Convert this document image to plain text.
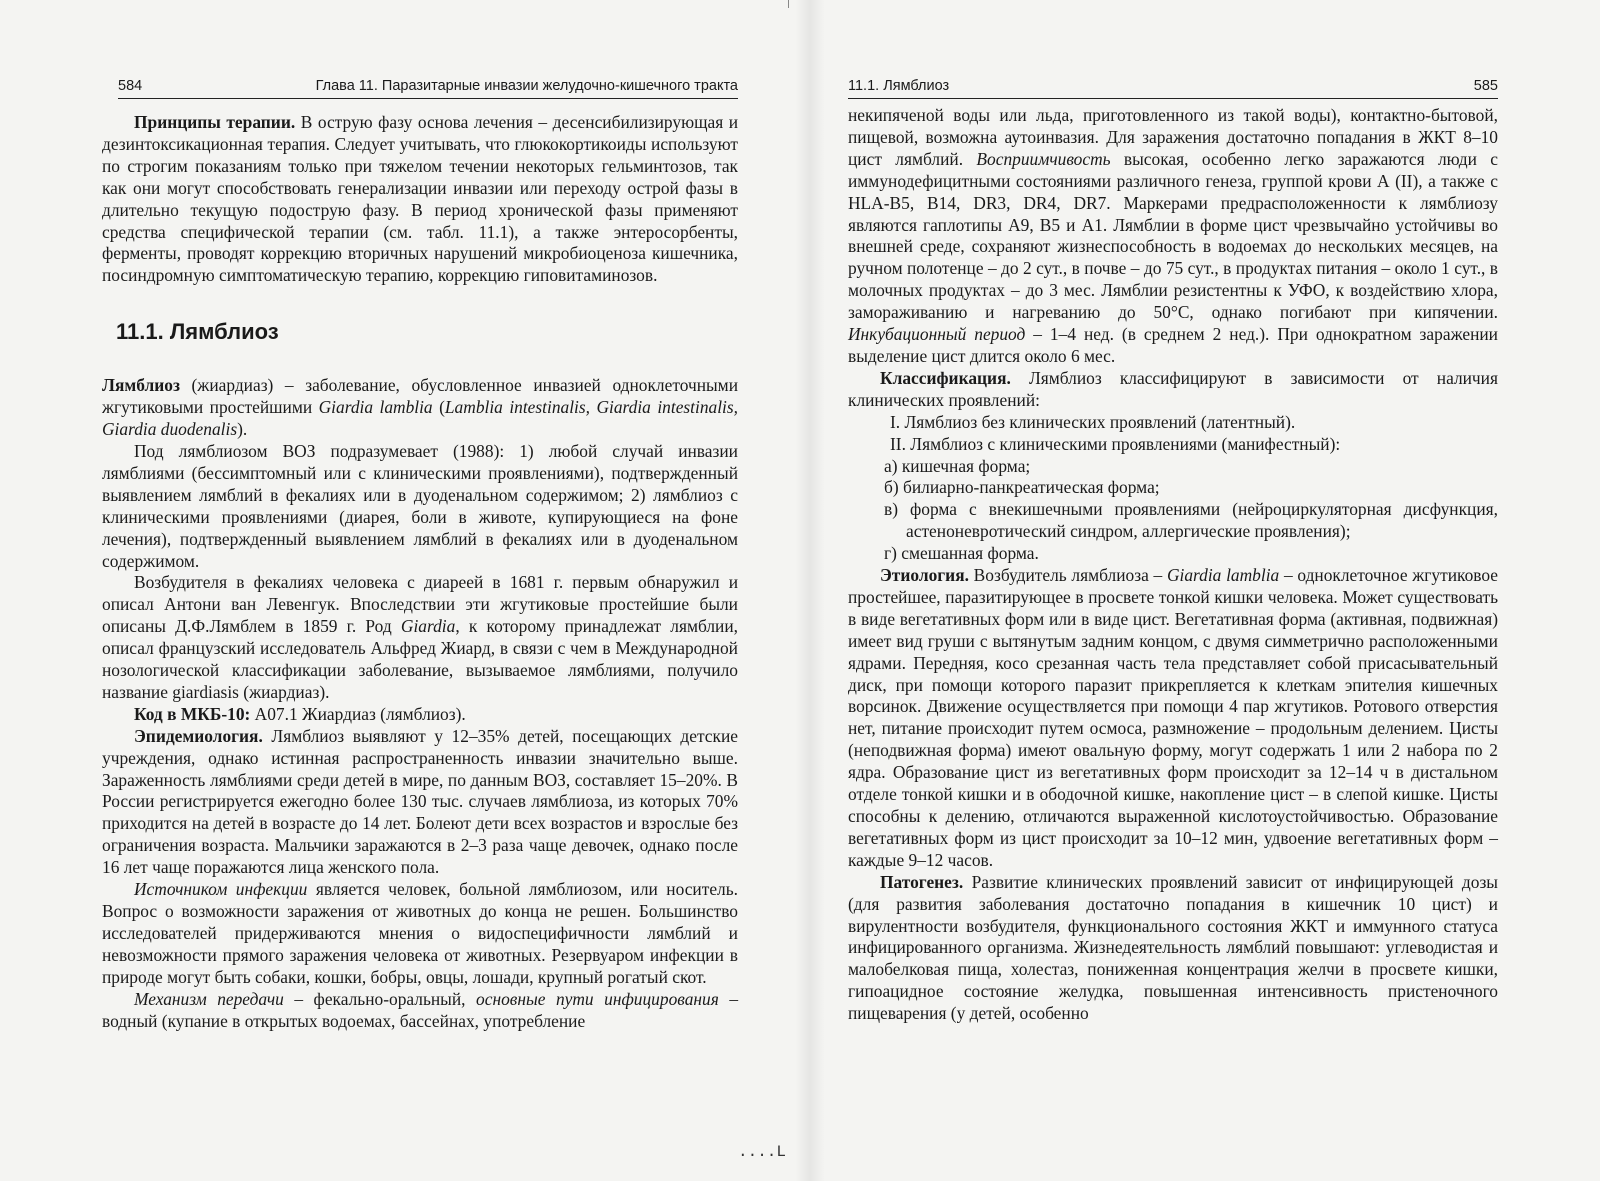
584	Глава 11. Паразитарные инвазии желудочно-кишечного тракта

Принципы терапии. В острую фазу основа лечения – десенсибилизирующая и дезинтоксикационная терапия. Следует учитывать, что глюкокортикоиды используют по строгим показаниям только при тяжелом течении некоторых гельминтозов, так как они могут способствовать генерализации инвазии или переходу острой фазы в длительно текущую подострую фазу. В период хронической фазы применяют средства специфической терапии (см. табл. 11.1), а также энтеросорбенты, ферменты, проводят коррекцию вторичных нарушений микробиоценоза кишечника, посиндромную симптоматическую терапию, коррекцию гиповитаминозов.

11.1. Лямблиоз

Лямблиоз (жиардиаз) – заболевание, обусловленное инвазией одноклеточными жгутиковыми простейшими Giardia lamblia (Lamblia intestinalis, Giardia intestinalis, Giardia duodenalis).

Под лямблиозом ВОЗ подразумевает (1988): 1) любой случай инвазии лямблиями (бессимптомный или с клиническими проявлениями), подтвержденный выявлением лямблий в фекалиях или в дуоденальном содержимом; 2) лямблиоз с клиническими проявлениями (диарея, боли в животе, купирующиеся на фоне лечения), подтвержденный выявлением лямблий в фекалиях или в дуоденальном содержимом.

Возбудителя в фекалиях человека с диареей в 1681 г. первым обнаружил и описал Антони ван Левенгук. Впоследствии эти жгутиковые простейшие были описаны Д.Ф.Лямблем в 1859 г. Род Giardia, к которому принадлежат лямблии, описал французский исследователь Альфред Жиард, в связи с чем в Международной нозологической классификации заболевание, вызываемое лямблиями, получило название giardiasis (жиардиаз).

Код в МКБ-10: А07.1 Жиардиаз (лямблиоз).

Эпидемиология. Лямблиоз выявляют у 12–35% детей, посещающих детские учреждения, однако истинная распространенность инвазии значительно выше. Зараженность лямблиями среди детей в мире, по данным ВОЗ, составляет 15–20%. В России регистрируется ежегодно более 130 тыс. случаев лямблиоза, из которых 70% приходится на детей в возрасте до 14 лет. Болеют дети всех возрастов и взрослые без ограничения возраста. Мальчики заражаются в 2–3 раза чаще девочек, однако после 16 лет чаще поражаются лица женского пола.

Источником инфекции является человек, больной лямблиозом, или носитель. Вопрос о возможности заражения от животных до конца не решен. Большинство исследователей придерживаются мнения о видоспецифичности лямблий и невозможности прямого заражения человека от животных. Резервуаром инфекции в природе могут быть собаки, кошки, бобры, овцы, лошади, крупный рогатый скот.

Механизм передачи – фекально-оральный, основные пути инфицирования – водный (купание в открытых водоемах, бассейнах, употребление

11.1. Лямблиоз	585

некипяченой воды или льда, приготовленного из такой воды), контактно-бытовой, пищевой, возможна аутоинвазия. Для заражения достаточно попадания в ЖКТ 8–10 цист лямблий. Восприимчивость высокая, особенно легко заражаются люди с иммунодефицитными состояниями различного генеза, группой крови А (II), а также с HLA-B5, B14, DR3, DR4, DR7. Маркерами предрасположенности к лямблиозу являются гаплотипы А9, В5 и А1. Лямблии в форме цист чрезвычайно устойчивы во внешней среде, сохраняют жизнеспособность в водоемах до нескольких месяцев, на ручном полотенце – до 2 сут., в почве – до 75 сут., в продуктах питания – около 1 сут., в молочных продуктах – до 3 мес. Лямблии резистентны к УФО, к воздействию хлора, замораживанию и нагреванию до 50°С, однако погибают при кипячении. Инкубационный период – 1–4 нед. (в среднем 2 нед.). При однократном заражении выделение цист длится около 6 мес.

Классификация. Лямблиоз классифицируют в зависимости от наличия клинических проявлений:

I. Лямблиоз без клинических проявлений (латентный).

II. Лямблиоз с клиническими проявлениями (манифестный):

а) кишечная форма;

б) билиарно-панкреатическая форма;

в) форма с внекишечными проявлениями (нейроциркуляторная дисфункция, астеноневротический синдром, аллергические проявления);

г) смешанная форма.

Этиология. Возбудитель лямблиоза – Giardia lamblia – одноклеточное жгутиковое простейшее, паразитирующее в просвете тонкой кишки человека. Может существовать в виде вегетативных форм или в виде цист. Вегетативная форма (активная, подвижная) имеет вид груши с вытянутым задним концом, с двумя симметрично расположенными ядрами. Передняя, косо срезанная часть тела представляет собой присасывательный диск, при помощи которого паразит прикрепляется к клеткам эпителия кишечных ворсинок. Движение осуществляется при помощи 4 пар жгутиков. Ротового отверстия нет, питание происходит путем осмоса, размножение – продольным делением. Цисты (неподвижная форма) имеют овальную форму, могут содержать 1 или 2 набора по 2 ядра. Образование цист из вегетативных форм происходит за 12–14 ч в дистальном отделе тонкой кишки и в ободочной кишке, накопление цист – в слепой кишке. Цисты способны к делению, отличаются выраженной кислотоустойчивостью. Образование вегетативных форм из цист происходит за 10–12 мин, удвоение вегетативных форм – каждые 9–12 часов.

Патогенез. Развитие клинических проявлений зависит от инфицирующей дозы (для развития заболевания достаточно попадания в кишечник 10 цист) и вирулентности возбудителя, функционального состояния ЖКТ и иммунного статуса инфицированного организма. Жизнедеятельность лямблий повышают: углеводистая и малобелковая пища, холестаз, пониженная концентрация желчи в просвете кишки, гипоацидное состояние желудка, повышенная интенсивность пристеночного пищеварения (у детей, особенно

....L
